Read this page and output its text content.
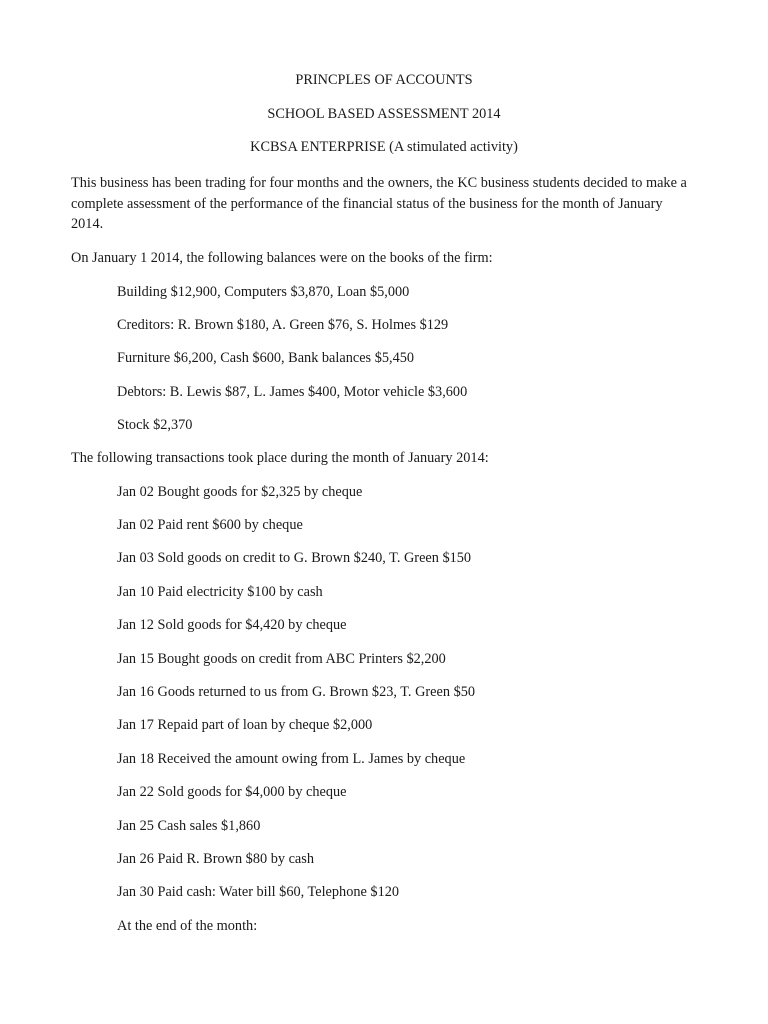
PRINCPLES OF ACCOUNTS
SCHOOL BASED ASSESSMENT 2014
KCBSA ENTERPRISE (A stimulated activity)
This business has been trading for four months and the owners, the KC business students decided to make a complete assessment of the performance of the financial status of the business for the month of January 2014.
On January 1 2014, the following balances were on the books of the firm:
Building $12,900, Computers $3,870, Loan $5,000
Creditors: R. Brown $180, A. Green $76, S. Holmes $129
Furniture $6,200, Cash $600, Bank balances $5,450
Debtors: B. Lewis $87, L. James $400, Motor vehicle $3,600
Stock $2,370
The following transactions took place during the month of January 2014:
Jan 02 Bought goods for $2,325 by cheque
Jan 02 Paid rent $600 by cheque
Jan 03 Sold goods on credit to G. Brown $240, T. Green $150
Jan 10 Paid electricity $100 by cash
Jan 12 Sold goods for $4,420 by cheque
Jan 15 Bought goods on credit from ABC Printers $2,200
Jan 16 Goods returned to us from G. Brown $23, T. Green $50
Jan 17 Repaid part of loan by cheque $2,000
Jan 18 Received the amount owing from L. James by cheque
Jan 22 Sold goods for $4,000 by cheque
Jan 25 Cash sales $1,860
Jan 26 Paid R. Brown $80 by cash
Jan 30 Paid cash: Water bill $60, Telephone $120
At the end of the month:
